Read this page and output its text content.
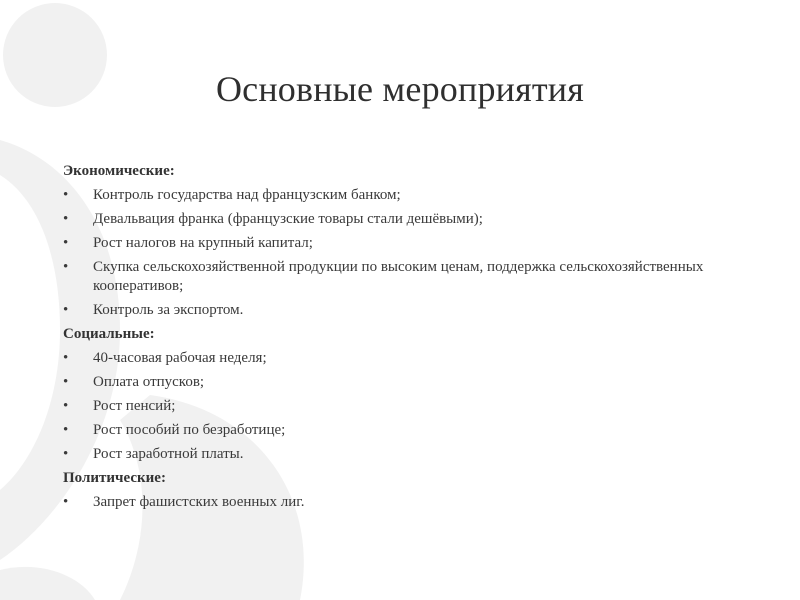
Основные мероприятия
Экономические:
•	Контроль государства над французским банком;
•	Девальвация франка (французские товары стали дешёвыми);
•	Рост налогов на крупный капитал;
•	Скупка сельскохозяйственной продукции по высоким ценам, поддержка сельскохозяйственных кооперативов;
•	Контроль за экспортом.
Социальные:
•	40-часовая рабочая неделя;
•	Оплата отпусков;
•	Рост пенсий;
•	Рост пособий по безработице;
•	Рост заработной платы.
Политические:
•	Запрет фашистских военных лиг.
